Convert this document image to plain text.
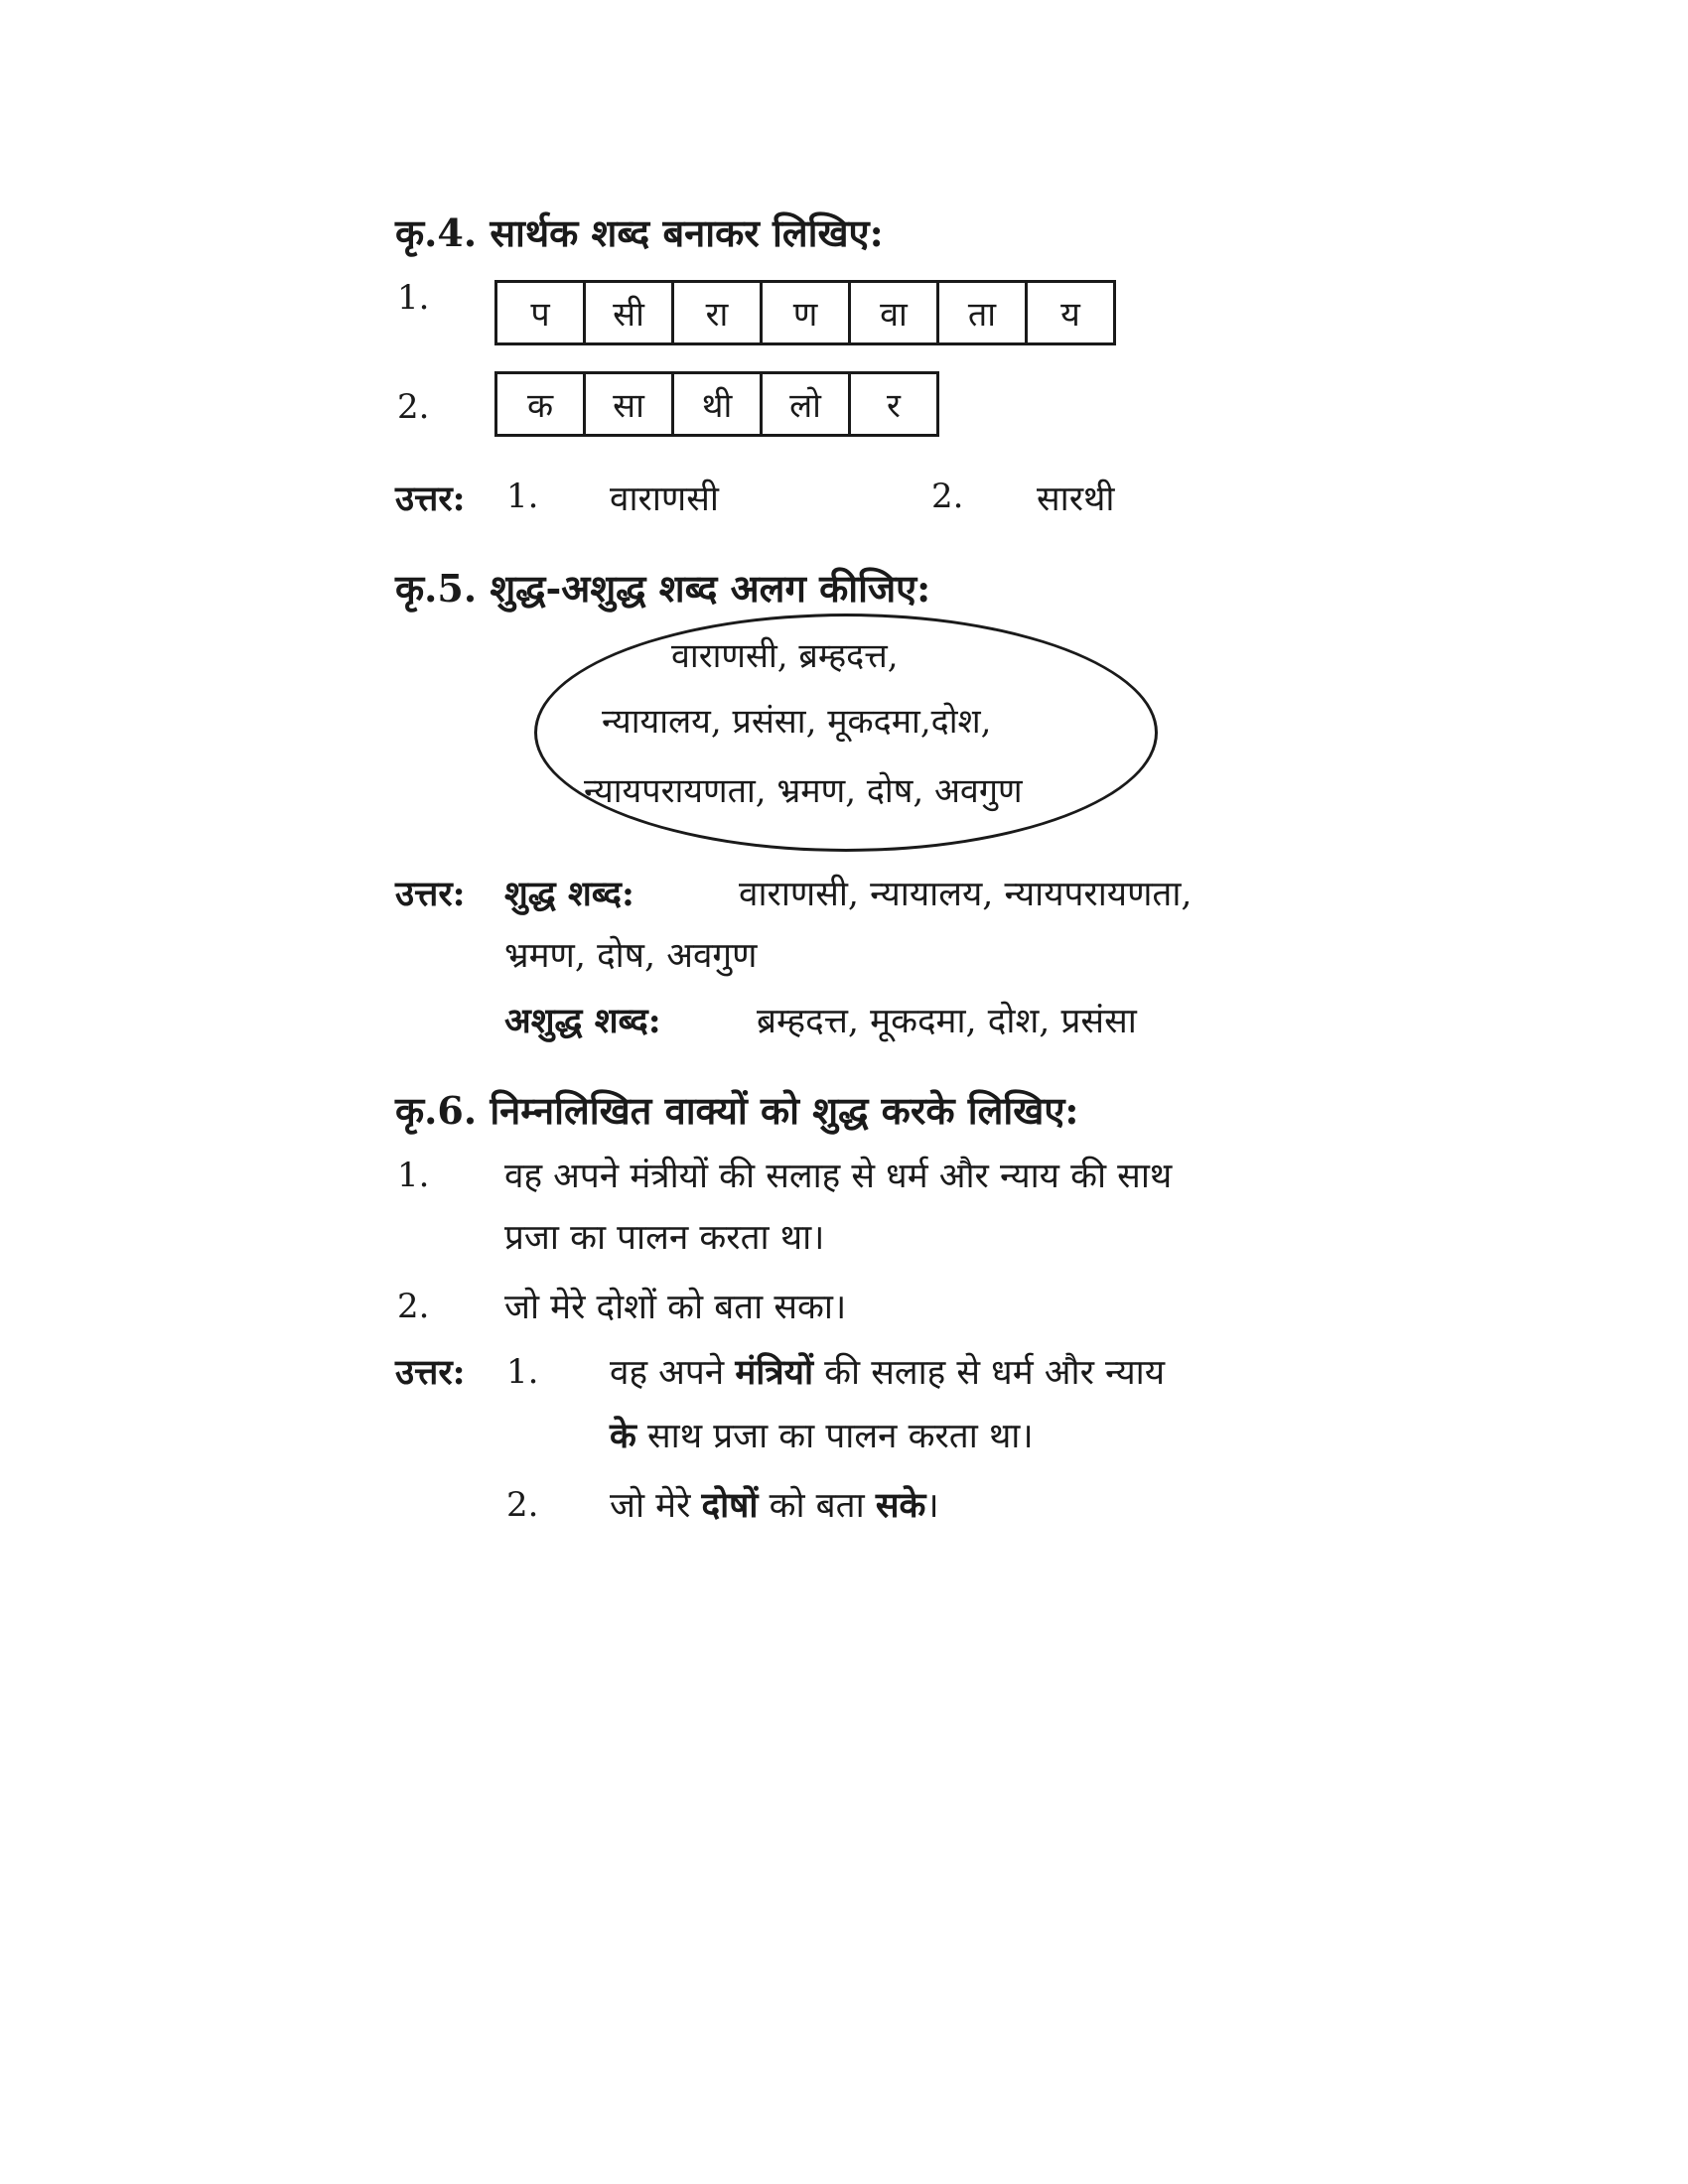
कृ.4. सार्थक शब्द बनाकर लिखिए:
1.	प	सी	रा	ण	वा	ता	य
2.	क	सा	थी	लो	र
उत्तर: 1. वाराणसी	2. सारथी
कृ.5. शुद्ध-अशुद्ध शब्द अलग कीजिए:
वाराणसी, ब्रम्हदत्त,
न्यायालय, प्रसंसा, मूकदमा,दोश,
न्यायपरायणता, भ्रमण, दोष, अवगुण
उत्तर: शुद्ध शब्द:	वाराणसी, न्यायालय, न्यायपरायणता,
भ्रमण, दोष, अवगुण
अशुद्ध शब्द:	ब्रम्हदत्त, मूकदमा, दोश, प्रसंसा
कृ.6. निम्नलिखित वाक्यों को शुद्ध करके लिखिए:
1. वह अपने मंत्रीयों की सलाह से धर्म और न्याय की साथ
प्रजा का पालन करता था।
2. जो मेरे दोशों को बता सका।
उत्तर: 1. वह अपने मंत्रियों की सलाह से धर्म और न्याय
के साथ प्रजा का पालन करता था।
2. जो मेरे दोषों को बता सके।
